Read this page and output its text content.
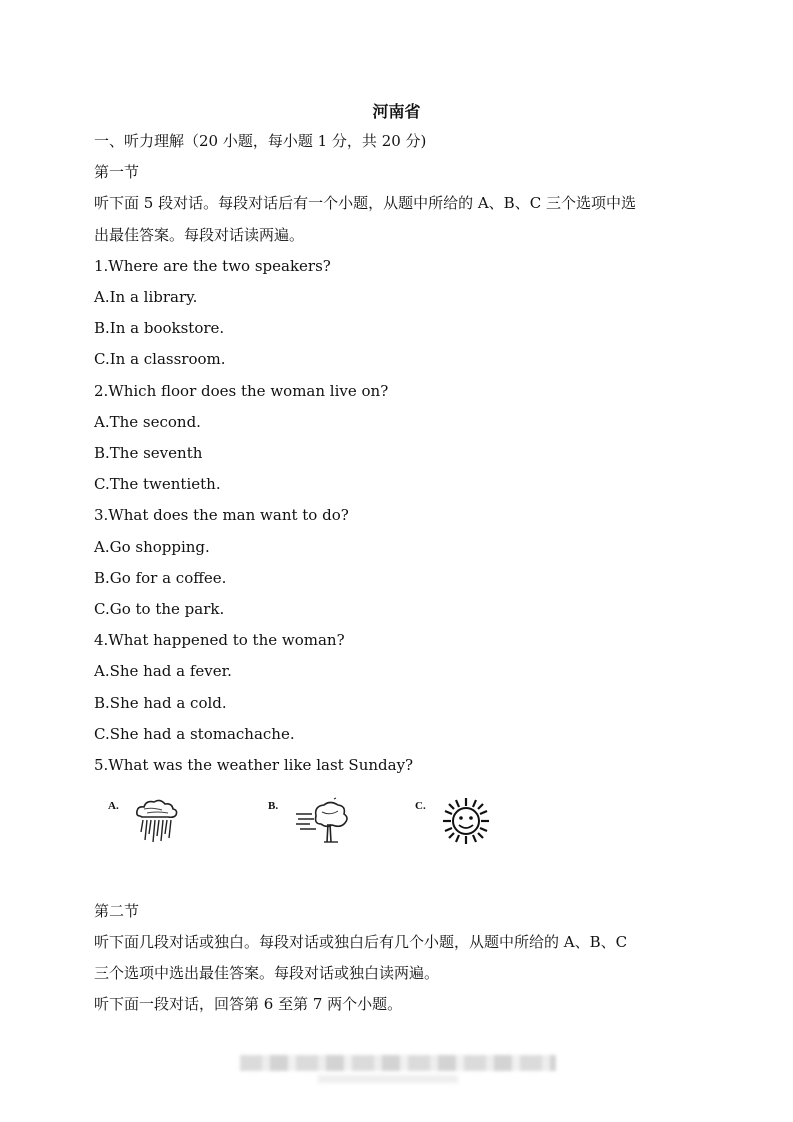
河南省
一、听力理解（20 小题，每小题 1 分，共 20 分)
第一节
听下面 5 段对话。每段对话后有一个小题，从题中所给的 A、B、C 三个选项中选
出最佳答案。每段对话读两遍。
1.Where are the two speakers?
A.In a library.
B.In a bookstore.
C.In a classroom.
2.Which floor does the woman live on?
A.The second.
B.The seventh
C.The twentieth.
3.What does the man want to do?
A.Go shopping.
B.Go for a coffee.
C.Go to the park.
4.What happened to the woman?
A.She had a fever.
B.She had a cold.
C.She had a stomachache.
5.What was the weather like last Sunday?
A.	B.	C.
第二节
听下面几段对话或独白。每段对话或独白后有几个小题，从题中所给的 A、B、C
三个选项中选出最佳答案。每段对话或独白读两遍。
听下面一段对话，回答第 6 至第 7 两个小题。
